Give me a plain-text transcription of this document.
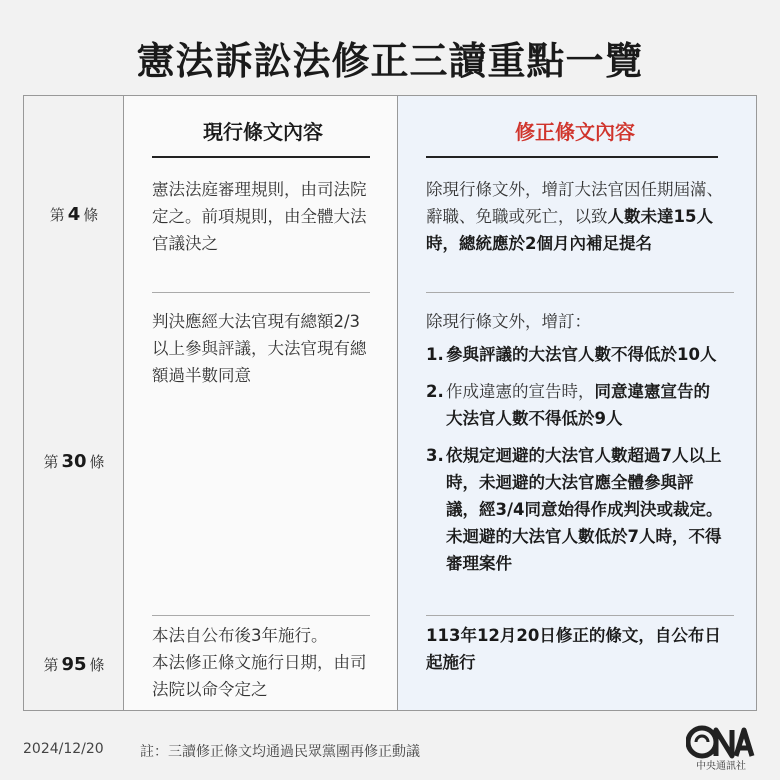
憲法訴訟法修正三讀重點一覽
現行條文內容	修正條文內容
第 4 條
憲法法庭審理規則，由司法院定之。前項規則，由全體大法官議決之
除現行條文外，增訂大法官因任期屆滿、辭職、免職或死亡，以致人數未達15人時，總統應於2個月內補足提名
第 30 條
判決應經大法官現有總額2/3以上參與評議，大法官現有總額過半數同意
除現行條文外，增訂：
1. 參與評議的大法官人數不得低於10人
2. 作成違憲的宣告時，同意違憲宣告的大法官人數不得低於9人
3. 依規定迴避的大法官人數超過7人以上時，未迴避的大法官應全體參與評議，經3/4同意始得作成判決或裁定。未迴避的大法官人數低於7人時，不得審理案件
第 95 條
本法自公布後3年施行。
本法修正條文施行日期，由司法院以命令定之
113年12月20日修正的條文，自公布日起施行
2024/12/20	註：三讀修正條文均通過民眾黨團再修正動議
中央通訊社
